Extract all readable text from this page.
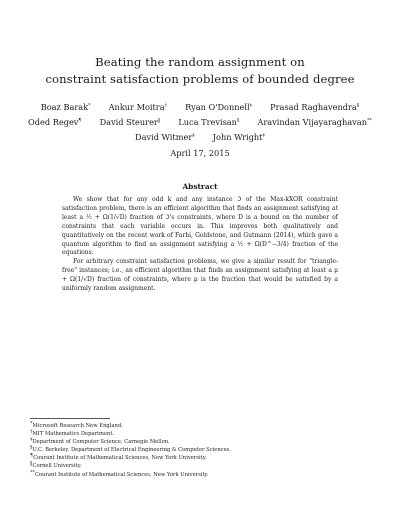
Beating the random assignment on
constraint satisfaction problems of bounded degree
Boaz Barak* Ankur Moitra† Ryan O'Donnell‡ Prasad Raghavendra§
Oded Regev¶ David Steurer‖ Luca Trevisan§ Aravindan Vijayaraghavan**
David Witmer‡ John Wright‡
April 17, 2015
Abstract

We show that for any odd k and any instance ℑ of the Max-kXOR constraint satisfaction problem, there is an efficient algorithm that finds an assignment satisfying at least a ½ + Ω(1/√D) fraction of ℑ's constraints, where D is a bound on the number of constraints that each variable occurs in. This improves both qualitatively and quantitatively on the recent work of Farhi, Goldstone, and Gutmann (2014), which gave a quantum algorithm to find an assignment satisfying a ½ + Ω(D^−3/4) fraction of the equations.

For arbitrary constraint satisfaction problems, we give a similar result for "triangle-free" instances; i.e., an efficient algorithm that finds an assignment satisfying at least a μ + Ω(1/√D) fraction of constraints, where μ is the fraction that would be satisfied by a uniformly random assignment.

*Microsoft Research New England.
†MIT Mathematics Department.
‡Department of Computer Science, Carnegie Mellon.
§U.C. Berkeley, Department of Electrical Engineering & Computer Sciences.
¶Courant Institute of Mathematical Sciences, New York University.
‖Cornell University.
**Courant Institute of Mathematical Sciences, New York University.
